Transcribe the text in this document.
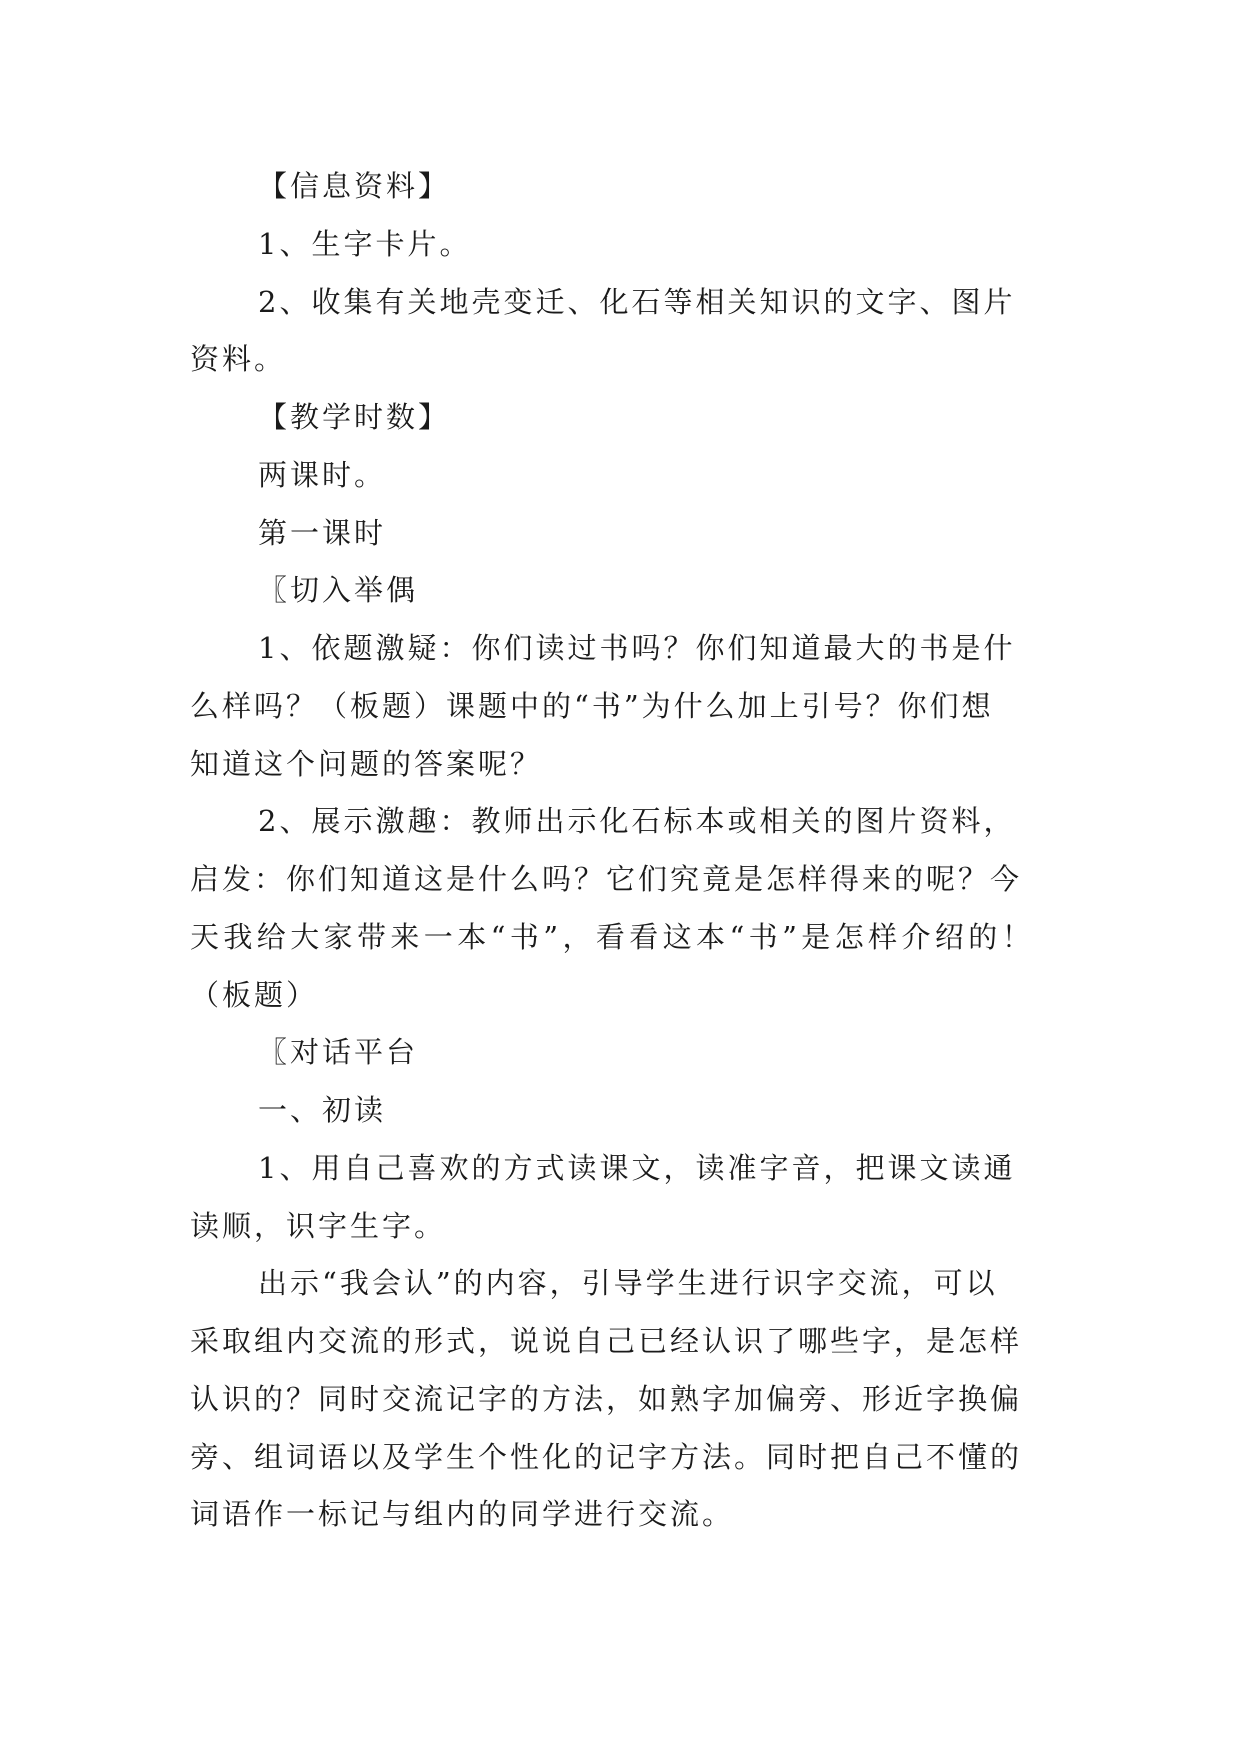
【信息资料】
1、生字卡片。
2、收集有关地壳变迁、化石等相关知识的文字、图片
资料。
【教学时数】
两课时。
第一课时
〖切入举偶
1、依题激疑：你们读过书吗？你们知道最大的书是什
么样吗？（板题）课题中的“书”为什么加上引号？你们想
知道这个问题的答案呢？
2、展示激趣：教师出示化石标本或相关的图片资料，
启发：你们知道这是什么吗？它们究竟是怎样得来的呢？今
天我给大家带来一本“书”，看看这本“书”是怎样介绍的！
（板题）
〖对话平台
一、初读
1、用自己喜欢的方式读课文，读准字音，把课文读通
读顺，识字生字。
出示“我会认”的内容，引导学生进行识字交流，可以
采取组内交流的形式，说说自己已经认识了哪些字，是怎样
认识的？同时交流记字的方法，如熟字加偏旁、形近字换偏
旁、组词语以及学生个性化的记字方法。同时把自己不懂的
词语作一标记与组内的同学进行交流。
